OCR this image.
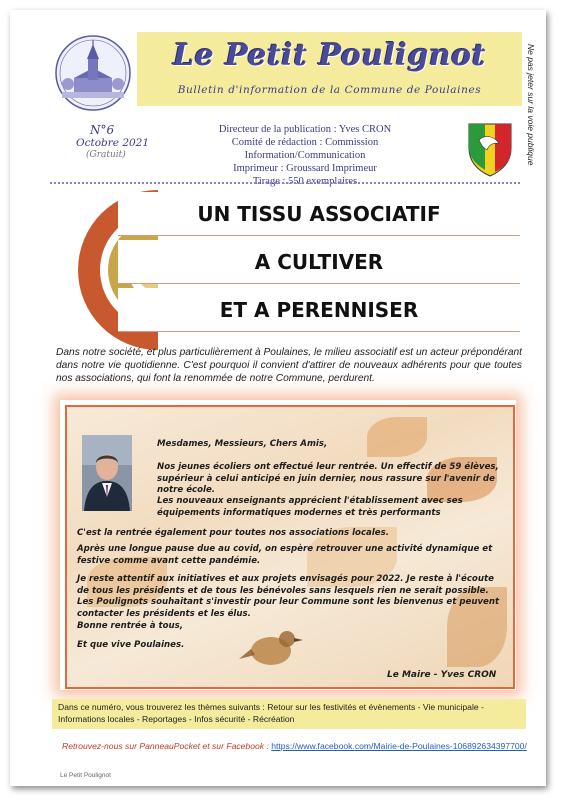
Le Petit Poulignot
Bulletin d'information de la Commune de Poulaines	Ne pas jeter sur la voie publique
N°6
Octobre 2021
(Gratuit)
Directeur de la publication : Yves CRON
Comité de rédaction : Commission Information/Communication
Imprimeur : Groussard Imprimeur
Tirage : 550 exemplaires
UN TISSU ASSOCIATIF
A CULTIVER
ET A PERENNISER
Dans notre société, et plus particulièrement à Poulaines, le milieu associatif est un acteur prépondérant dans notre vie quotidienne. C'est pourquoi il convient d'attirer de nouveaux adhérents pour que toutes nos associations, qui font la renommée de notre Commune, perdurent.

Mesdames, Messieurs, Chers Amis,

Nos jeunes écoliers ont effectué leur rentrée. Un effectif de 59 élèves, supérieur à celui anticipé en juin dernier, nous rassure sur l'avenir de notre école.

Les nouveaux enseignants apprécient l'établissement avec ses équipements informatiques modernes et très performants

C'est la rentrée également pour toutes nos associations locales.

Après une longue pause due au covid, on espère retrouver une activité dynamique et festive comme avant cette pandémie.

Je reste attentif aux initiatives et aux projets envisagés pour 2022. Je reste à l'écoute de tous les présidents et de tous les bénévoles sans lesquels rien ne serait possible. Les Poulignots souhaitant s'investir pour leur Commune sont les bienvenus et peuvent contacter les présidents et les élus.

Bonne rentrée à tous,

Et que vive Poulaines.

Le Maire - Yves CRON

Dans ce numéro, vous trouverez les thèmes suivants : Retour sur les festivités et évènements - Vie municipale - Informations locales - Reportages - Infos sécurité - Récréation
Retrouvez-nous sur PanneauPocket et sur Facebook : https://www.facebook.com/Mairie-de-Poulaines-106892634397700/
Le Petit Poulignot
